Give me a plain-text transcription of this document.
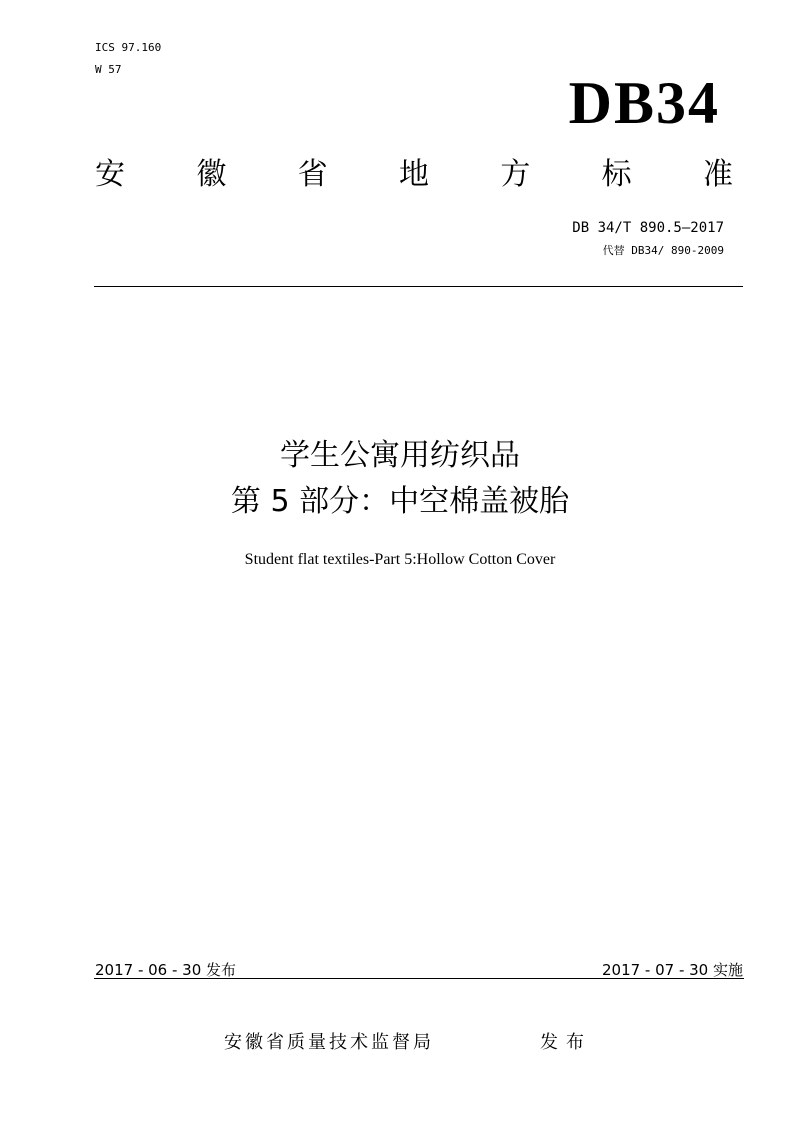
ICS 97.160
W 57
DB34
安 徽 省 地 方 标 准
DB 34/T 890.5—2017
代替 DB34/ 890-2009
学生公寓用纺织品
第 5 部分：中空棉盖被胎
Student flat textiles-Part 5:Hollow Cotton Cover
2017 - 06 - 30 发布	2017 - 07 - 30 实施
安徽省质量技术监督局	发布
